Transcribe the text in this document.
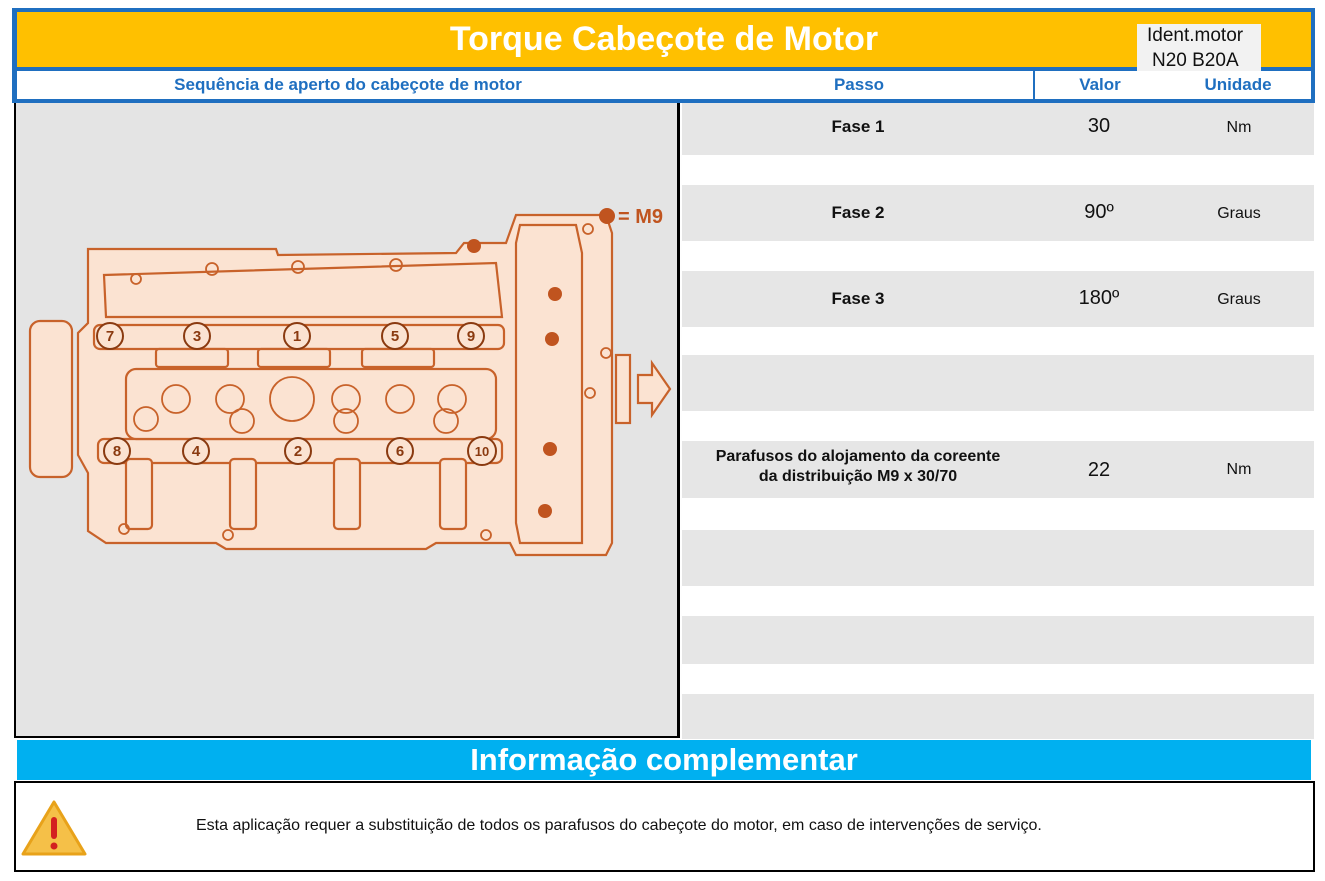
Torque Cabeçote de Motor	Ident.motor
N20 B20A
Sequência de aperto do cabeçote de motor	Passo	Valor	Unidade
7	3	1	5	9
8	4	2	6	10
= M9
Fase 1	30	Nm
Fase 2	90º	Graus
Fase 3	180º	Graus
Parafusos do alojamento da coreente
da distribuição M9 x 30/70	22	Nm
Informação complementar
Esta aplicação requer a substituição de todos os parafusos do cabeçote do motor, em caso de intervenções de serviço.
